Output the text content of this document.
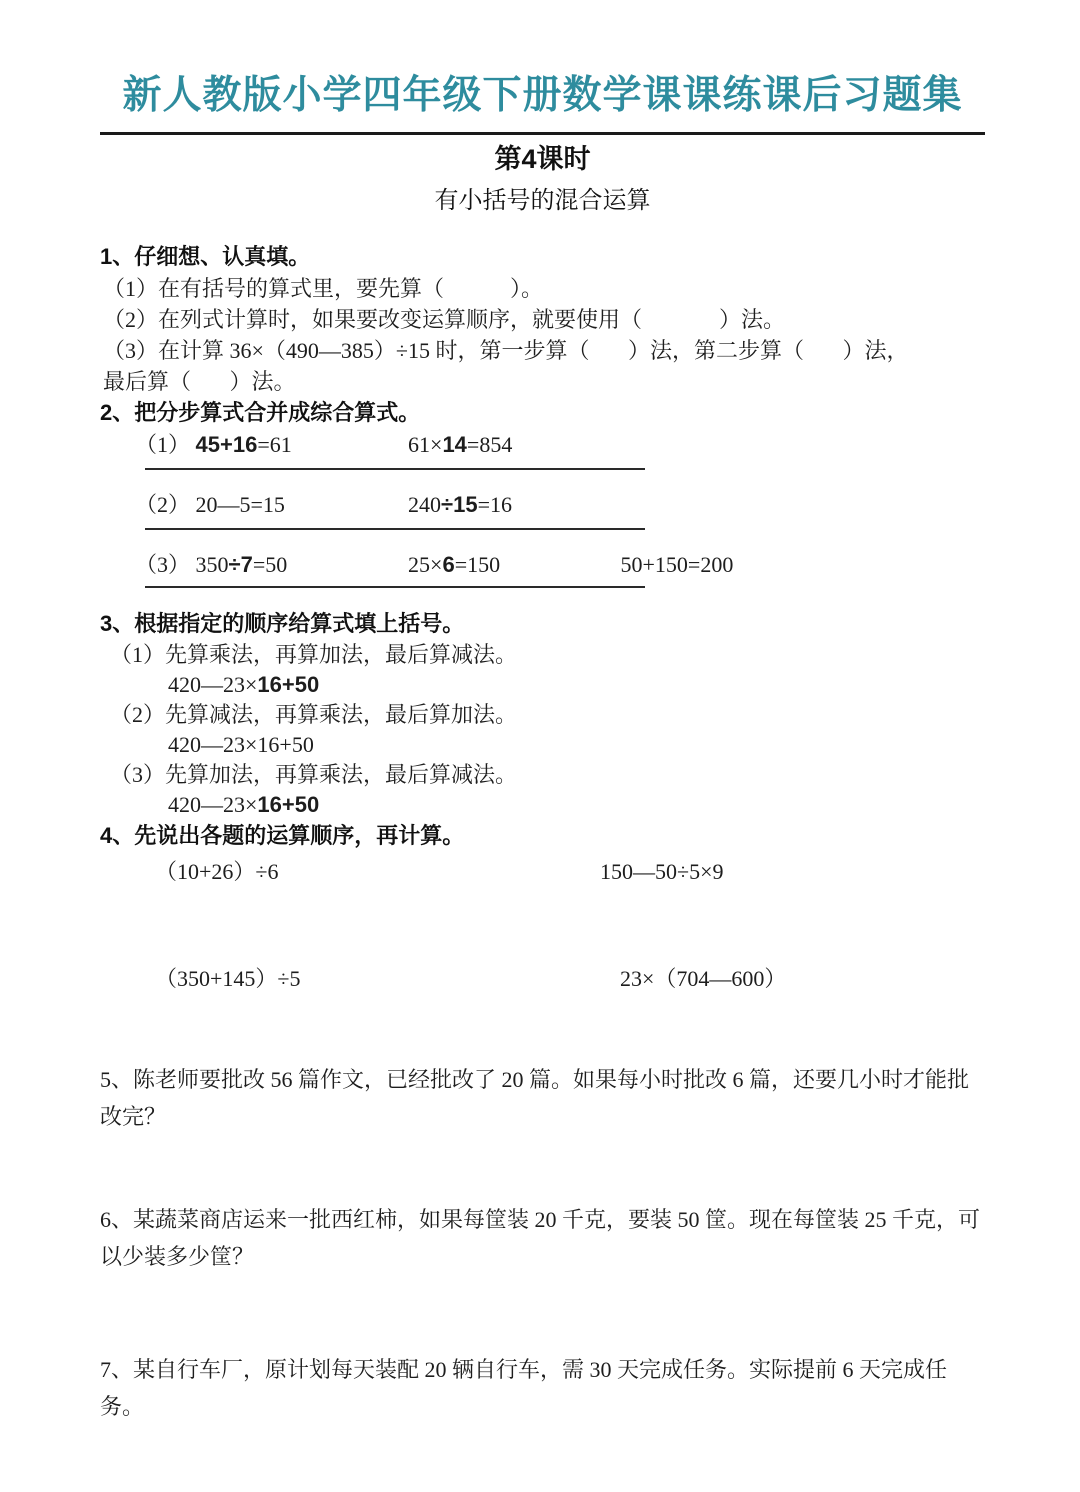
新人教版小学四年级下册数学课课练课后习题集
第4课时
有小括号的混合运算
1、仔细想、认真填。
（1）在有括号的算式里，要先算（            ）。
（2）在列式计算时，如果要改变运算顺序，就要使用（              ）法。
（3）在计算 36×（490—385）÷15 时，第一步算（       ）法，第二步算（       ）法，
最后算（       ）法。
2、把分步算式合并成综合算式。
（1） 45+16=61	61×14=854
（2） 20—5=15	240÷15=16
（3） 350÷7=50	25×6=150	50+150=200
3、根据指定的顺序给算式填上括号。
（1）先算乘法，再算加法，最后算减法。
420—23×16+50
（2）先算减法，再算乘法，最后算加法。
420—23×16+50
（3）先算加法，再算乘法，最后算减法。
420—23×16+50
4、先说出各题的运算顺序，再计算。
（10+26）÷6	150—50÷5×9
（350+145）÷5	23×（704—600）
5、陈老师要批改 56 篇作文，已经批改了 20 篇。如果每小时批改 6 篇，还要几小时才能批改完？
6、某蔬菜商店运来一批西红柿，如果每筐装 20 千克，要装 50 筐。现在每筐装 25 千克，可以少装多少筐？
7、某自行车厂，原计划每天装配 20 辆自行车，需 30 天完成任务。实际提前 6 天完成任务。
